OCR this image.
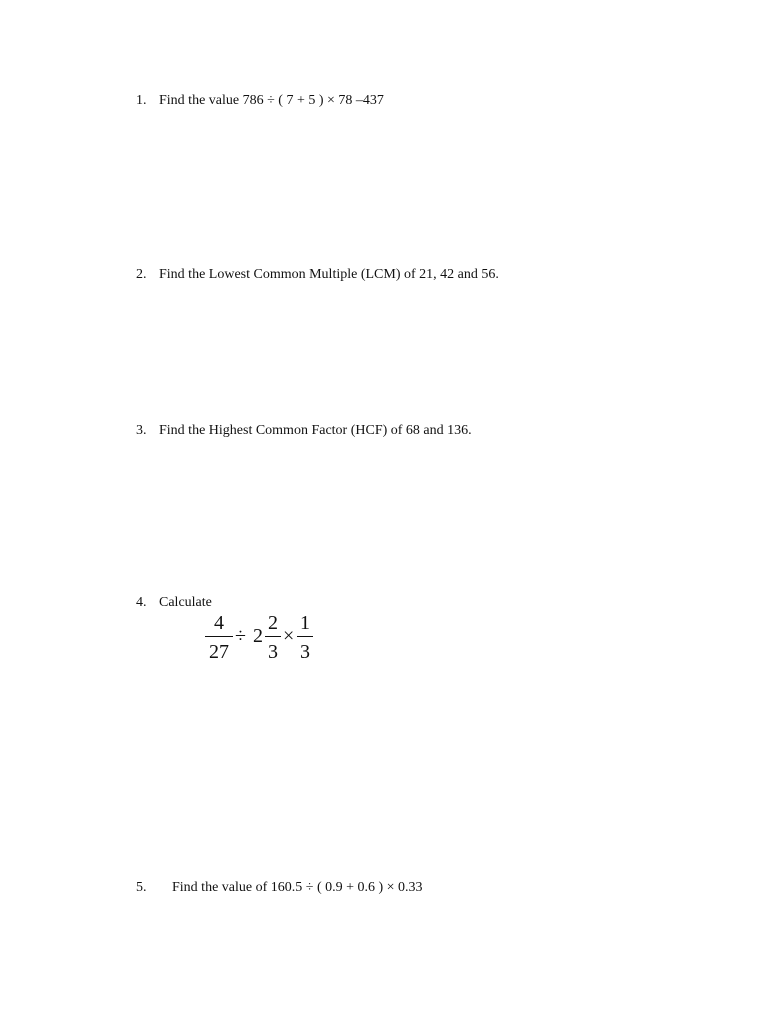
1. Find the value 786 ÷ ( 7 + 5 ) × 78 –437
2. Find the Lowest Common Multiple (LCM) of 21, 42 and 56.
3. Find the Highest Common Factor (HCF) of 68 and 136.
4. Calculate
4
27
÷ 2
2
3
×
1
3
5. Find the value of 160.5 ÷ ( 0.9 + 0.6 ) × 0.33
